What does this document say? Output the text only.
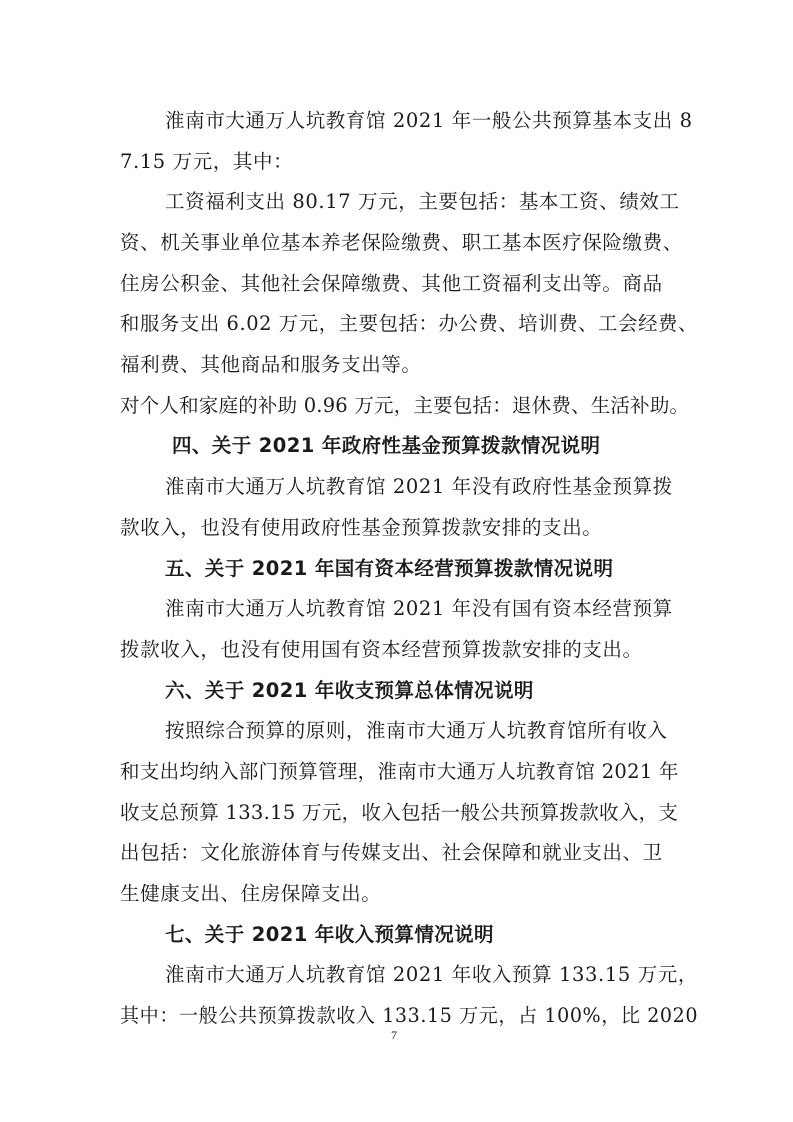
淮南市大通万人坑教育馆 2021 年一般公共预算基本支出 8
7.15 万元，其中：
工资福利支出 80.17 万元，主要包括：基本工资、绩效工
资、机关事业单位基本养老保险缴费、职工基本医疗保险缴费、
住房公积金、其他社会保障缴费、其他工资福利支出等。商品
和服务支出 6.02 万元，主要包括：办公费、培训费、工会经费、
福利费、其他商品和服务支出等。
对个人和家庭的补助 0.96 万元，主要包括：退休费、生活补助。
四、关于 2021 年政府性基金预算拨款情况说明
淮南市大通万人坑教育馆 2021 年没有政府性基金预算拨
款收入，也没有使用政府性基金预算拨款安排的支出。
五、关于 2021 年国有资本经营预算拨款情况说明
淮南市大通万人坑教育馆 2021 年没有国有资本经营预算
拨款收入，也没有使用国有资本经营预算拨款安排的支出。
六、关于 2021 年收支预算总体情况说明
按照综合预算的原则，淮南市大通万人坑教育馆所有收入
和支出均纳入部门预算管理，淮南市大通万人坑教育馆 2021 年
收支总预算 133.15 万元，收入包括一般公共预算拨款收入，支
出包括：文化旅游体育与传媒支出、社会保障和就业支出、卫
生健康支出、住房保障支出。
七、关于 2021 年收入预算情况说明
淮南市大通万人坑教育馆 2021 年收入预算 133.15 万元，
其中：一般公共预算拨款收入 133.15 万元，占 100%，比 2020
7
